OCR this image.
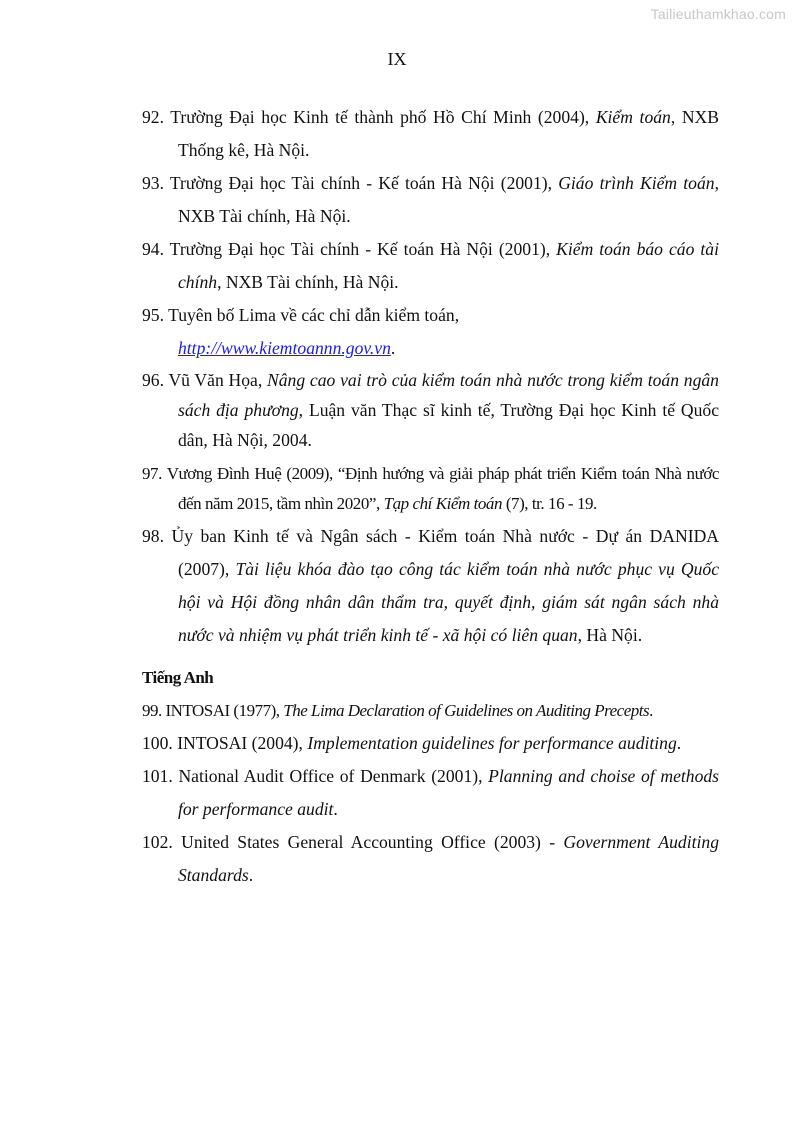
Tailieuthamkhao.com
IX

92. Trường Đại học Kinh tế thành phố Hồ Chí Minh (2004), Kiểm toán, NXB Thống kê, Hà Nội.

93. Trường Đại học Tài chính - Kế toán Hà Nội (2001), Giáo trình Kiểm toán, NXB Tài chính, Hà Nội.

94. Trường Đại học Tài chính - Kế toán Hà Nội (2001), Kiểm toán báo cáo tài chính, NXB Tài chính, Hà Nội.

95. Tuyên bố Lima về các chỉ dẫn kiểm toán,
http://www.kiemtoannn.gov.vn.

96. Vũ Văn Họa, Nâng cao vai trò của kiểm toán nhà nước trong kiểm toán ngân sách địa phương, Luận văn Thạc sĩ kinh tế, Trường Đại học Kinh tế Quốc dân, Hà Nội, 2004.

97. Vương Đình Huệ (2009), “Định hướng và giải pháp phát triển Kiểm toán Nhà nước đến năm 2015, tầm nhìn 2020”, Tạp chí Kiểm toán (7), tr. 16 - 19.

98. Ủy ban Kinh tế và Ngân sách - Kiểm toán Nhà nước - Dự án DANIDA (2007), Tài liệu khóa đào tạo công tác kiểm toán nhà nước phục vụ Quốc hội và Hội đồng nhân dân thẩm tra, quyết định, giám sát ngân sách nhà nước và nhiệm vụ phát triển kinh tế - xã hội có liên quan, Hà Nội.

Tiếng Anh

99. INTOSAI (1977), The Lima Declaration of Guidelines on Auditing Precepts.

100. INTOSAI (2004), Implementation guidelines for performance auditing.

101. National Audit Office of Denmark (2001), Planning and choise of methods for performance audit.

102. United States General Accounting Office (2003) - Government Auditing Standards.
